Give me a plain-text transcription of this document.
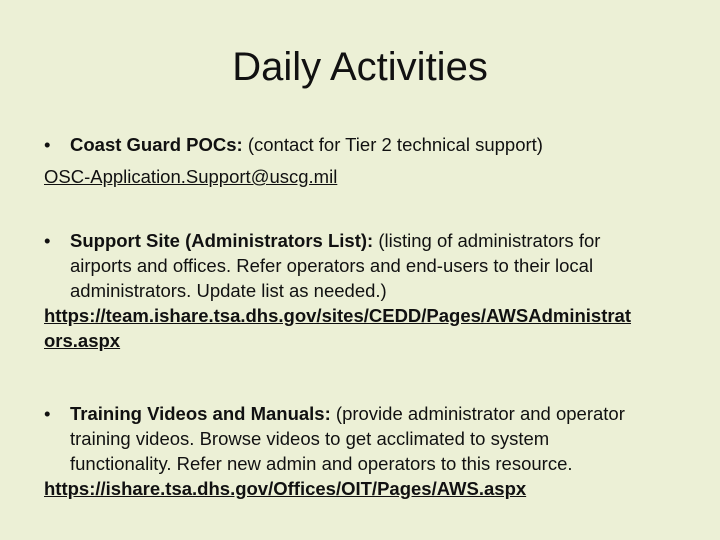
Daily Activities
• Coast Guard POCs: (contact for Tier 2 technical support)
OSC-Application.Support@uscg.mil
• Support Site (Administrators List): (listing of administrators for
airports and offices. Refer operators and end-users to their local
administrators. Update list as needed.)
https://team.ishare.tsa.dhs.gov/sites/CEDD/Pages/AWSAdministrat
ors.aspx
• Training Videos and Manuals: (provide administrator and operator
training videos. Browse videos to get acclimated to system
functionality. Refer new admin and operators to this resource.
https://ishare.tsa.dhs.gov/Offices/OIT/Pages/AWS.aspx
